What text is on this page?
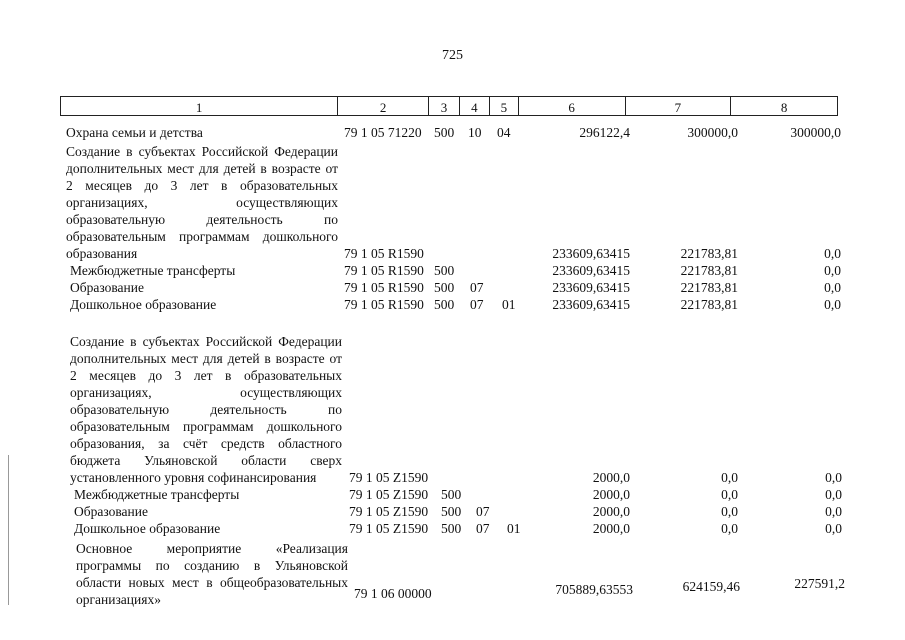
725
1	2	3	4	5	6	7	8
Охрана семьи и детства	79 1 05 71220 500 10 04	296122,4	300000,0	300000,0
Создание в субъектах Российской Федерации дополнительных мест для детей в возрасте от 2 месяцев до 3 лет в образовательных организациях, осуществляющих образовательную деятельность по образовательным программам дошкольного образования	79 1 05 R1590	233609,63415	221783,81	0,0
Межбюджетные трансферты	79 1 05 R1590 500	233609,63415	221783,81	0,0
Образование	79 1 05 R1590 500 07	233609,63415	221783,81	0,0
Дошкольное образование	79 1 05 R1590 500 07 01	233609,63415	221783,81	0,0
Создание в субъектах Российской Федерации дополнительных мест для детей в возрасте от 2 месяцев до 3 лет в образовательных организациях, осуществляющих образовательную деятельность по образовательным программам дошкольного образования, за счёт средств областного бюджета Ульяновской области сверх установленного уровня софинансирования	79 1 05 Z1590	2000,0	0,0	0,0
Межбюджетные трансферты	79 1 05 Z1590 500	2000,0	0,0	0,0
Образование	79 1 05 Z1590 500 07	2000,0	0,0	0,0
Дошкольное образование	79 1 05 Z1590 500 07 01	2000,0	0,0	0,0
Основное мероприятие «Реализация программы по созданию в Ульяновской области новых мест в общеобразовательных организациях»	79 1 06 00000	705889,63553	624159,46	227591,2
